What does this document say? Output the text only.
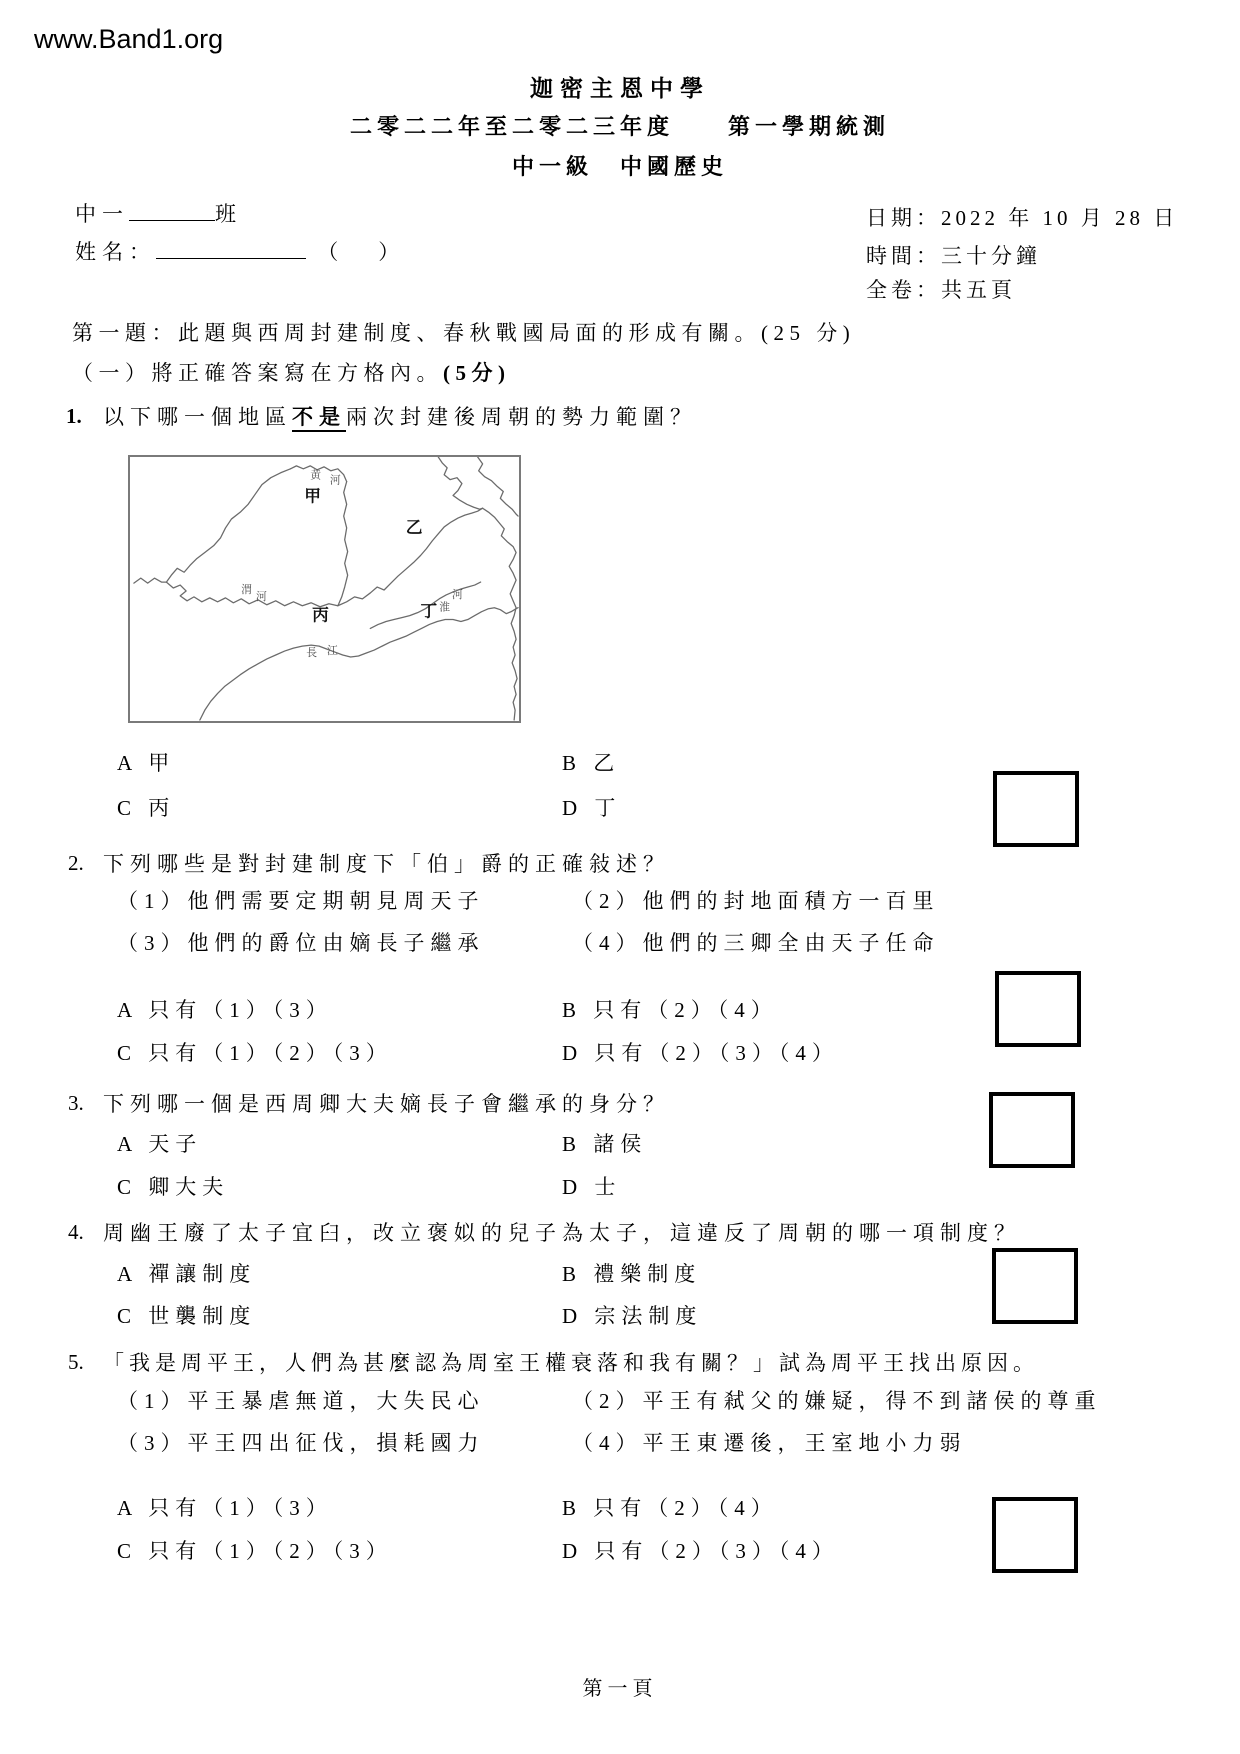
www.Band1.org
迦密主恩中學
二零二二年至二零二三年度　　第一學期統測
中一級　中國歷史
中一	班
姓名：	（ ）
日期：2022 年 10 月 28 日
時間：三十分鐘
全卷：共五頁
第一題：此題與西周封建制度、春秋戰國局面的形成有關。(25 分)
（一）將正確答案寫在方格內。(5分)
1. 以下哪一個地區不是兩次封建後周朝的勢力範圍？
黄 河
甲
乙
渭
河
丙	丁 淮
河
長 江
A 甲	B 乙
C 丙	D 丁
2. 下列哪些是對封建制度下「伯」爵的正確敍述？
（1）他們需要定期朝見周天子	（2）他們的封地面積方一百里
（3）他們的爵位由嫡長子繼承	（4）他們的三卿全由天子任命
A 只有（1）（3）	B 只有（2）（4）
C 只有（1）（2）（3）	D 只有（2）（3）（4）
3. 下列哪一個是西周卿大夫嫡長子會繼承的身分？
A 天子	B 諸侯
C 卿大夫	D 士
4. 周幽王廢了太子宜臼，改立褒姒的兒子為太子，這違反了周朝的哪一項制度？
A 禪讓制度	B 禮樂制度
C 世襲制度	D 宗法制度
5. 「我是周平王，人們為甚麼認為周室王權衰落和我有關？」試為周平王找出原因。
（1）平王暴虐無道，大失民心	（2）平王有弒父的嫌疑，得不到諸侯的尊重
（3）平王四出征伐，損耗國力	（4）平王東遷後，王室地小力弱
A 只有（1）（3）	B 只有（2）（4）
C 只有（1）（2）（3）	D 只有（2）（3）（4）
第一頁
